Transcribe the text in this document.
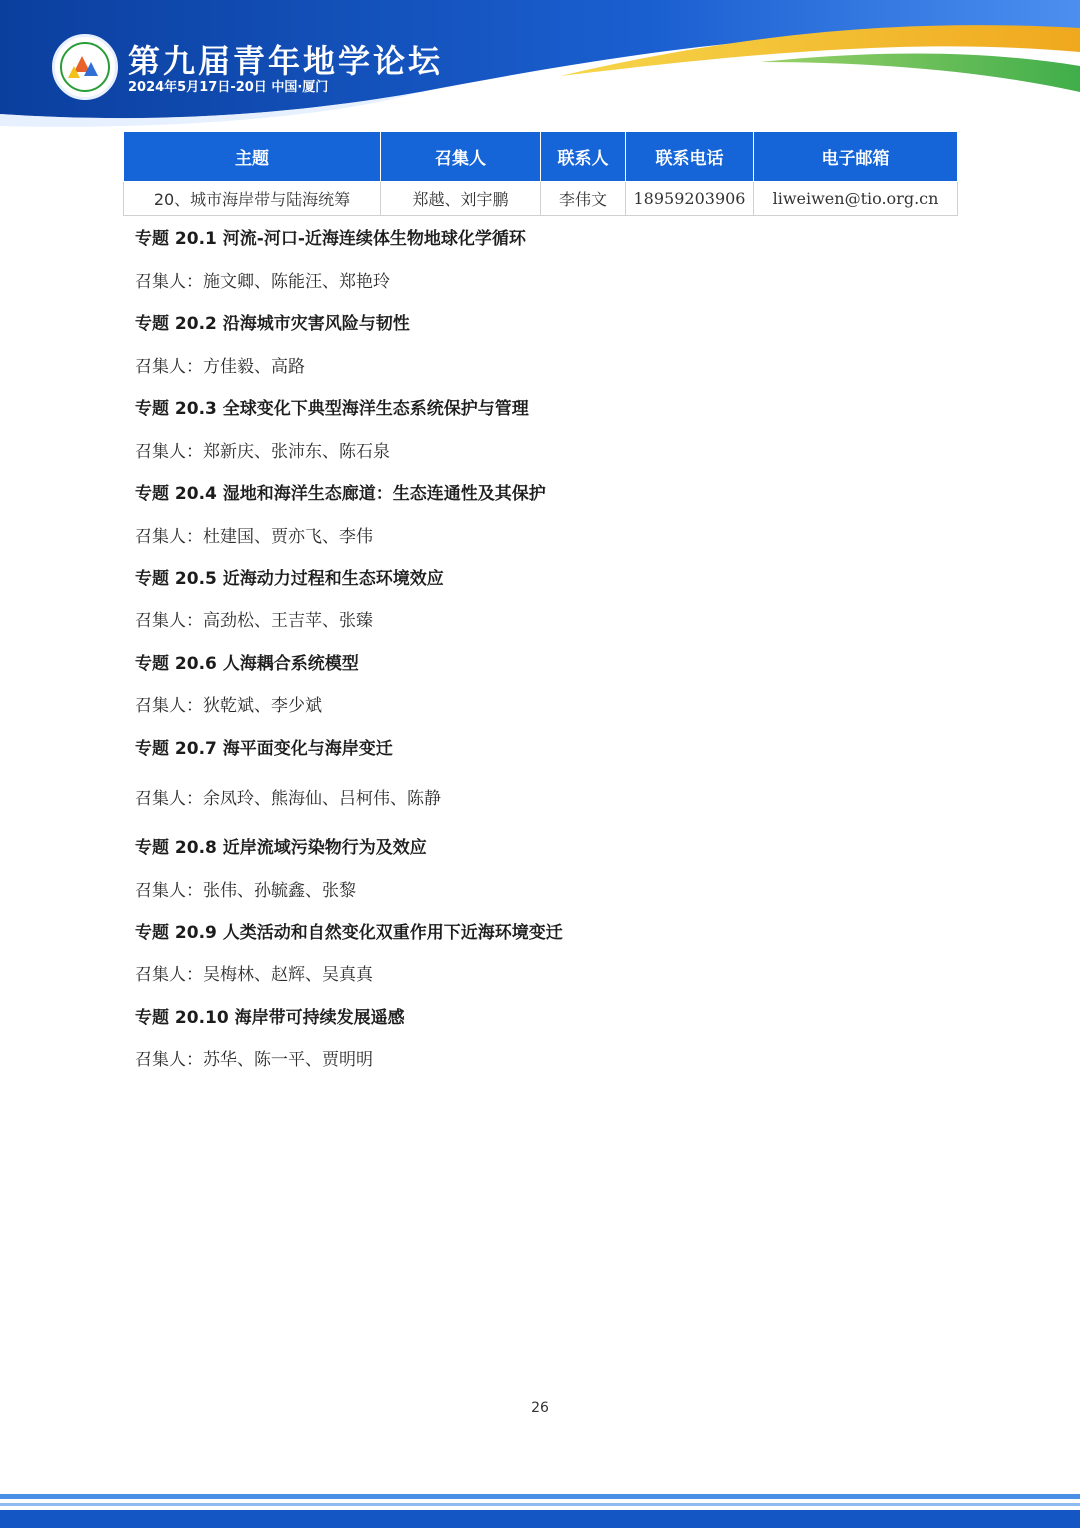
第九届青年地学论坛
2024年5月17日-20日 中国·厦门
主题	召集人	联系人	联系电话	电子邮箱
20、城市海岸带与陆海统筹	郑越、刘宇鹏	李伟文	18959203906	liweiwen@tio.org.cn
专题 20.1 河流-河口-近海连续体生物地球化学循环
召集人：施文卿、陈能汪、郑艳玲
专题 20.2 沿海城市灾害风险与韧性
召集人：方佳毅、高路
专题 20.3 全球变化下典型海洋生态系统保护与管理
召集人：郑新庆、张沛东、陈石泉
专题 20.4 湿地和海洋生态廊道：生态连通性及其保护
召集人：杜建国、贾亦飞、李伟
专题 20.5 近海动力过程和生态环境效应
召集人：高劲松、王吉苹、张臻
专题 20.6 人海耦合系统模型
召集人：狄乾斌、李少斌
专题 20.7 海平面变化与海岸变迁
召集人：余凤玲、熊海仙、吕柯伟、陈静
专题 20.8 近岸流域污染物行为及效应
召集人：张伟、孙毓鑫、张黎
专题 20.9 人类活动和自然变化双重作用下近海环境变迁
召集人：吴梅林、赵辉、吴真真
专题 20.10 海岸带可持续发展遥感
召集人：苏华、陈一平、贾明明
26
